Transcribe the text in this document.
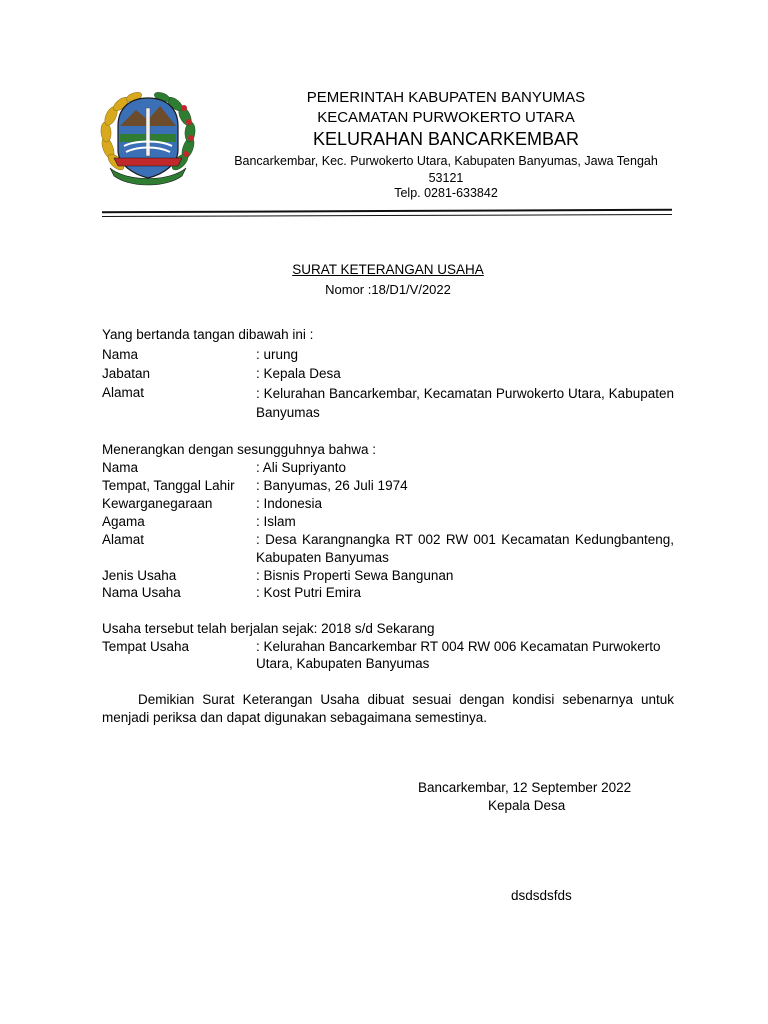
PEMERINTAH KABUPATEN BANYUMAS
KECAMATAN PURWOKERTO UTARA
KELURAHAN BANCARKEMBAR
Bancarkembar, Kec. Purwokerto Utara, Kabupaten Banyumas, Jawa Tengah 53121
Telp. 0281-633842
SURAT KETERANGAN USAHA
Nomor :18/D1/V/2022
Yang bertanda tangan dibawah ini :
Nama	: urung
Jabatan	: Kepala Desa
Alamat	: Kelurahan Bancarkembar, Kecamatan Purwokerto Utara, Kabupaten Banyumas
Menerangkan dengan sesungguhnya bahwa :
Nama	: Ali Supriyanto
Tempat, Tanggal Lahir : Banyumas, 26 Juli 1974
Kewarganegaraan	: Indonesia
Agama	: Islam
Alamat	: Desa Karangnangka RT 002 RW 001 Kecamatan Kedungbanteng, Kabupaten Banyumas
Jenis Usaha	: Bisnis Properti Sewa Bangunan
Nama Usaha	: Kost Putri Emira
Usaha tersebut telah berjalan sejak: 2018 s/d Sekarang
Tempat Usaha	: Kelurahan Bancarkembar RT 004 RW 006 Kecamatan Purwokerto Utara, Kabupaten Banyumas
Demikian Surat Keterangan Usaha dibuat sesuai dengan kondisi sebenarnya untuk menjadi periksa dan dapat digunakan sebagaimana semestinya.
Bancarkembar, 12 September 2022
Kepala Desa
dsdsdsfds
